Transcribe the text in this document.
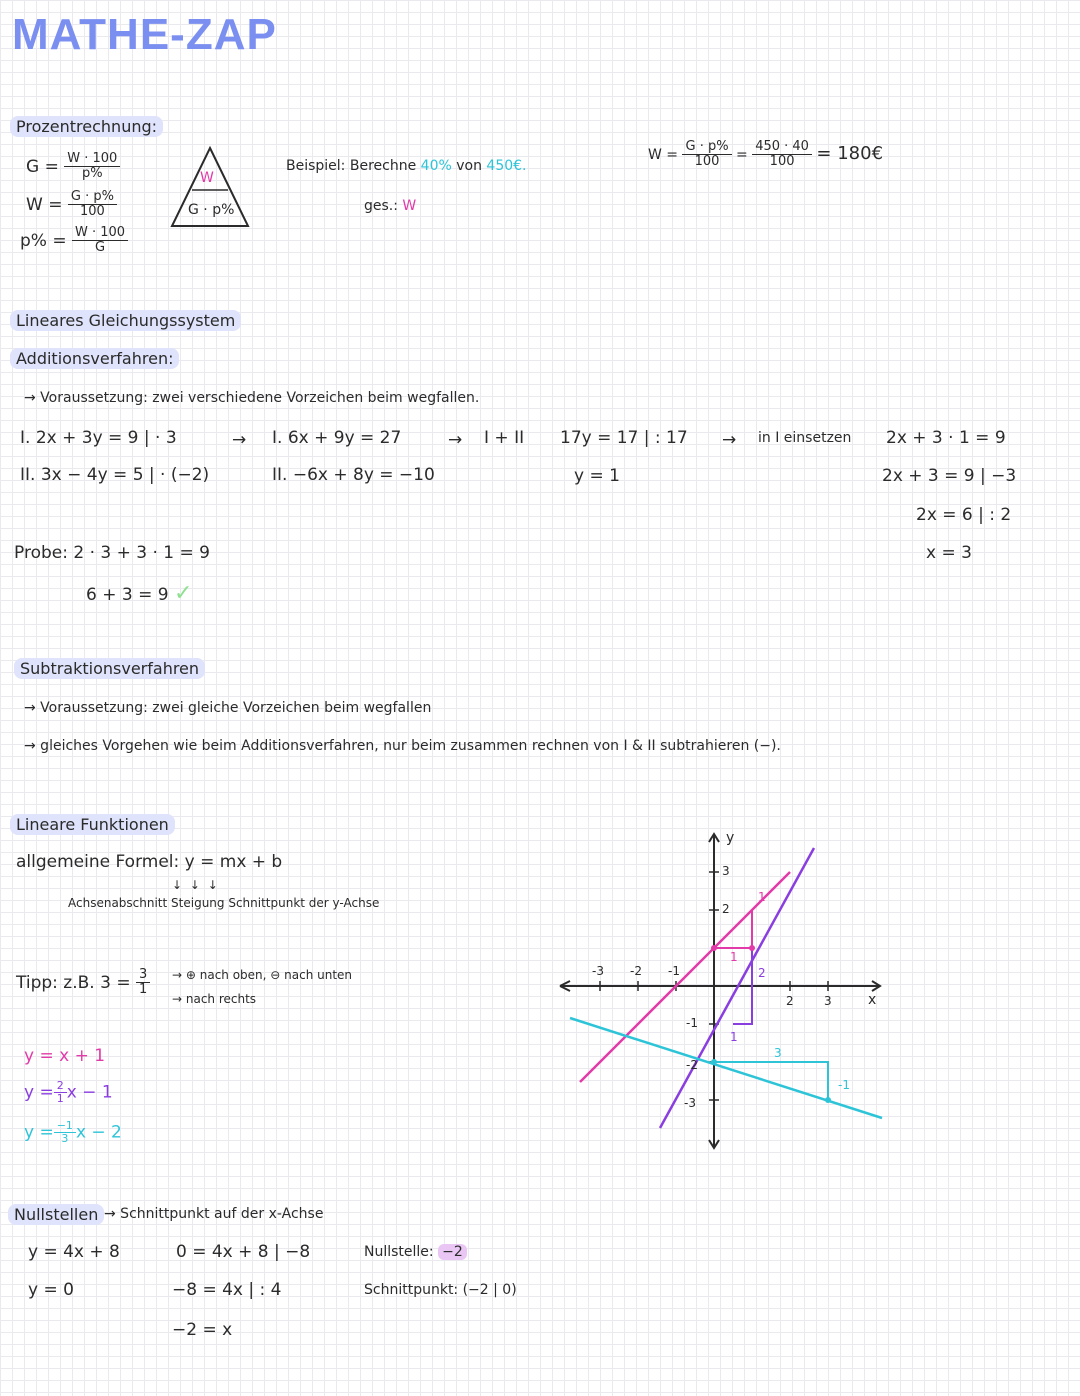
MATHE-ZAP
Prozentrechnung:
$G = \frac{W \cdot 100}{p\%}$
$W = \frac{G \cdot p\%}{100}$
$p\% = \frac{W \cdot 100}{G}$
W
G · p%
Beispiel: Berechne 40% von 450€.
ges.: W
$W = \frac{G \cdot p\%}{100} = \frac{450 \cdot 40}{100}$ = 180€
Lineares Gleichungssystem
Additionsverfahren:
→ Voraussetzung: zwei verschiedene Vorzeichen beim wegfallen.
I. 2x + 3y = 9 | · 3
II. 3x − 4y = 5 | · (−2)
→ I. 6x + 9y = 27
II. −6x + 8y = −10
→ I + II 17y = 17 | : 17
y = 1
→ in I einsetzen 2x + 3 · 1 = 9
2x + 3 = 9 | −3
2x = 6 | : 2
x = 3
Probe: 2 · 3 + 3 · 1 = 9
6 + 3 = 9 ✓
Subtraktionsverfahren
→ Voraussetzung: zwei gleiche Vorzeichen beim wegfallen
→ gleiches Vorgehen wie beim Additionsverfahren, nur beim zusammen rechnen von I & II subtrahieren (−).
Lineare Funktionen
allgemeine Formel: y = mx + b
↓ ↓ ↓
Achsenabschnitt Steigung Schnittpunkt der y-Achse
Tipp: z.B. $3 = \frac{3}{1}$ → ⊕ nach oben, ⊖ nach unten
→ nach rechts
y = x + 1
$y = \frac{2}{1}$ x − 1
$y = \frac{-1}{3}$ x − 2
y
x
-3 -2 -1
2	3
3
2
-1
-2
-3
1
1
2
1
3
-1
Nullstellen → Schnittpunkt auf der x-Achse
y = 4x + 8
y = 0
0 = 4x + 8 | −8
−8 = 4x | : 4
−2 = x
Nullstelle: −2
Schnittpunkt: (−2 | 0)
